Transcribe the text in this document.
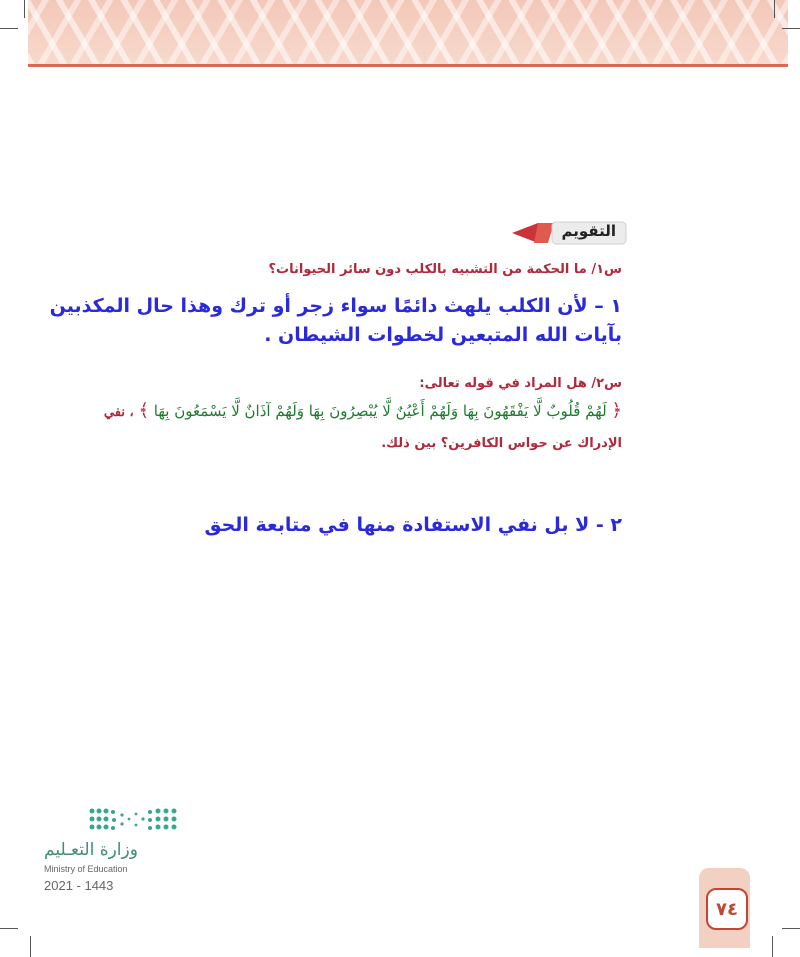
التقويم
س١/ ما الحكمة من التشبيه بالكلب دون سائر الحيوانات؟
١ – لأن الكلب يلهث دائمًا سواء زجر أو ترك وهذا حال المكذبين بآيات الله المتبعين لخطوات الشيطان .
س٢/ هل المراد في قوله تعالى:
﴿ لَهُمْ قُلُوبٌ لَّا يَفْقَهُونَ بِهَا وَلَهُمْ أَعْيُنٌ لَّا يُبْصِرُونَ بِهَا وَلَهُمْ آذَانٌ لَّا يَسْمَعُونَ بِهَا ﴾ ، نفي
الإدراك عن حواس الكافرين؟ بين ذلك.
٢ - لا بل نفي الاستفادة منها في متابعة الحق
وزارة التعـليم
Ministry of Education
2021 - 1443
٧٤
